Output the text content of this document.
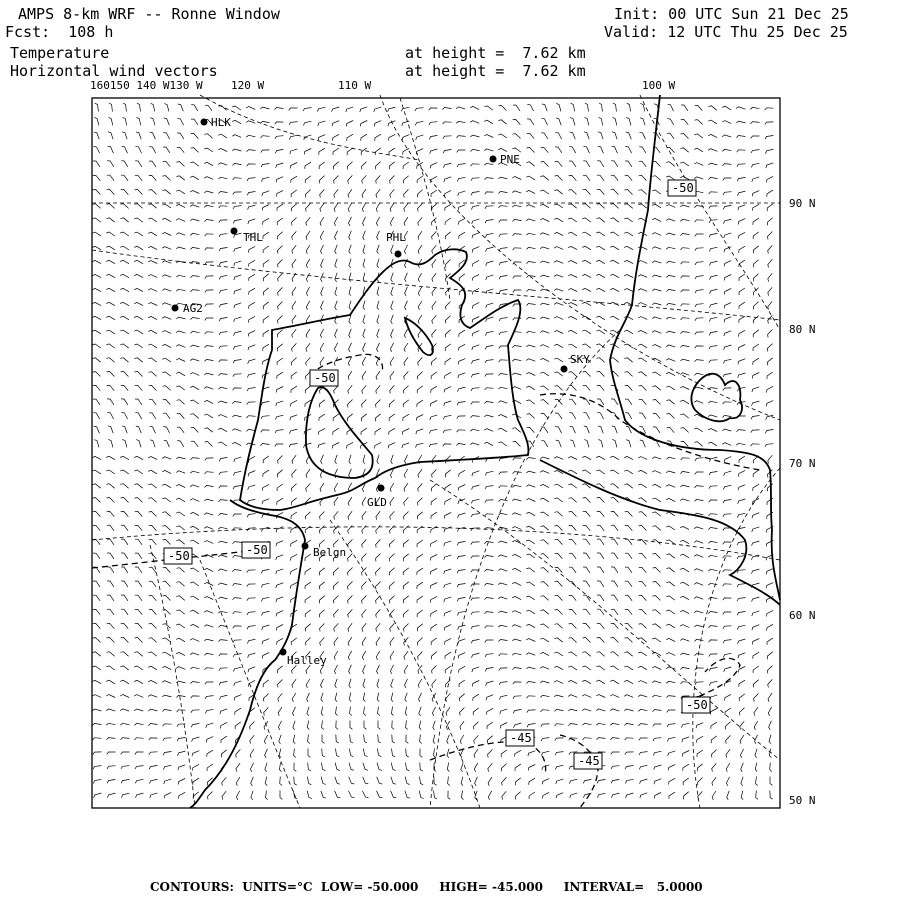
AMPS 8-km WRF -- Ronne Window
Fcst:  108 h
Init: 00 UTC Sun 21 Dec 25
Valid: 12 UTC Thu 25 Dec 25
Temperature
Horizontal wind vectors
at height =  7.62 km
at height =  7.62 km
-50
-50
-50	-50
-50
-45
-45
HLK
PNE
THL	PHL
AG2
SKY
GLD
Belgn
Halley
160150 140 W130 W	120 W	110 W	100 W
90 N
80 N
70 N
60 N
50 N
CONTOURS:  UNITS=°C  LOW= -50.000     HIGH= -45.000     INTERVAL=   5.0000
